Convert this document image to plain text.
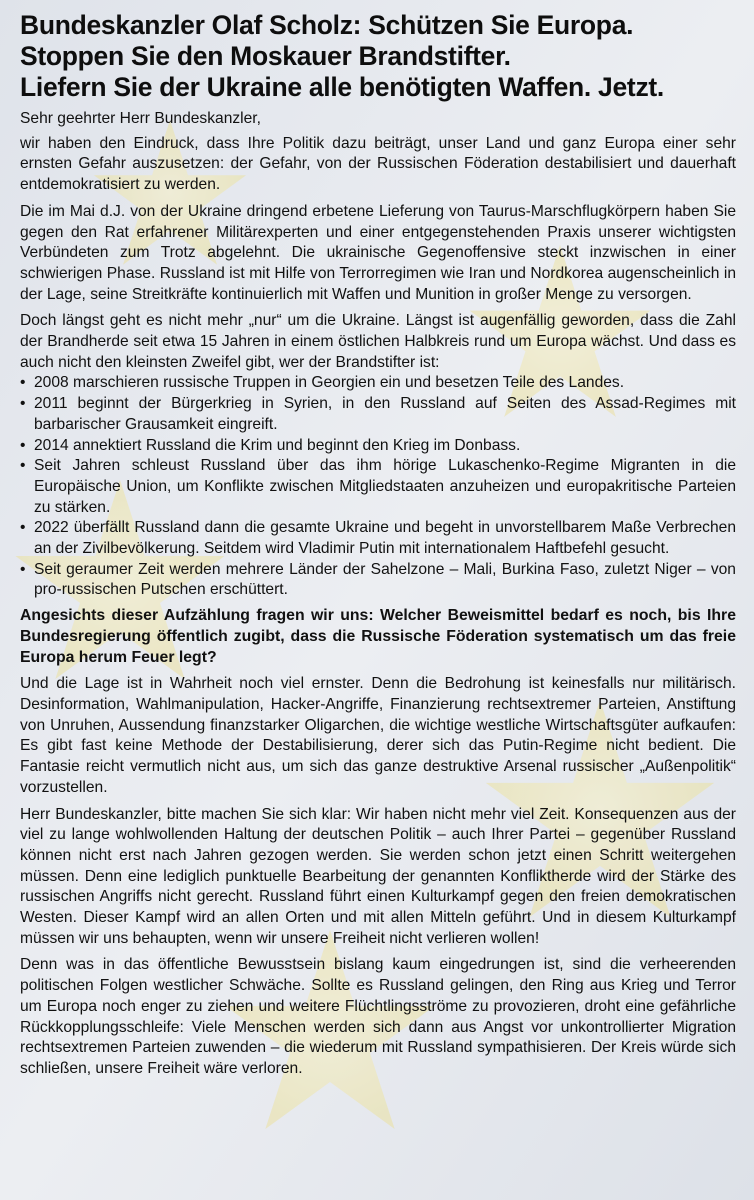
Bundeskanzler Olaf Scholz: Schützen Sie Europa.
Stoppen Sie den Moskauer Brandstifter.
Liefern Sie der Ukraine alle benötigten Waffen. Jetzt.

Sehr geehrter Herr Bundeskanzler,

wir haben den Eindruck, dass Ihre Politik dazu beiträgt, unser Land und ganz Europa einer sehr ernsten Gefahr auszusetzen: der Gefahr, von der Russischen Föderation destabilisiert und dauerhaft entdemokratisiert zu werden.

Die im Mai d.J. von der Ukraine dringend erbetene Lieferung von Taurus-Marschflugkörpern haben Sie gegen den Rat erfahrener Militärexperten und einer entgegenstehenden Praxis unserer wichtigsten Verbündeten zum Trotz abgelehnt. Die ukrainische Gegenoffensive steckt inzwischen in einer schwierigen Phase. Russland ist mit Hilfe von Terrorregimen wie Iran und Nordkorea augenscheinlich in der Lage, seine Streitkräfte kontinuierlich mit Waffen und Munition in großer Menge zu versorgen.

Doch längst geht es nicht mehr „nur“ um die Ukraine. Längst ist augenfällig geworden, dass die Zahl der Brandherde seit etwa 15 Jahren in einem östlichen Halbkreis rund um Europa wächst. Und dass es auch nicht den kleinsten Zweifel gibt, wer der Brandstifter ist:

• 2008 marschieren russische Truppen in Georgien ein und besetzen Teile des Landes.
• 2011 beginnt der Bürgerkrieg in Syrien, in den Russland auf Seiten des Assad-Regimes mit barbarischer Grausamkeit eingreift.
• 2014 annektiert Russland die Krim und beginnt den Krieg im Donbass.
• Seit Jahren schleust Russland über das ihm hörige Lukaschenko-Regime Migranten in die Europäische Union, um Konflikte zwischen Mitgliedstaaten anzuheizen und europakritische Parteien zu stärken.
• 2022 überfällt Russland dann die gesamte Ukraine und begeht in unvorstellbarem Maße Verbrechen an der Zivilbevölkerung. Seitdem wird Vladimir Putin mit internationalem Haftbefehl gesucht.
• Seit geraumer Zeit werden mehrere Länder der Sahelzone – Mali, Burkina Faso, zuletzt Niger – von pro-russischen Putschen erschüttert.

Angesichts dieser Aufzählung fragen wir uns: Welcher Beweismittel bedarf es noch, bis Ihre Bundesregierung öffentlich zugibt, dass die Russische Föderation systematisch um das freie Europa herum Feuer legt?

Und die Lage ist in Wahrheit noch viel ernster. Denn die Bedrohung ist keinesfalls nur militärisch. Desinformation, Wahlmanipulation, Hacker-Angriffe, Finanzierung rechtsextremer Parteien, Anstiftung von Unruhen, Aussendung finanzstarker Oligarchen, die wichtige westliche Wirtschaftsgüter aufkaufen: Es gibt fast keine Methode der Destabilisierung, derer sich das Putin-Regime nicht bedient. Die Fantasie reicht vermutlich nicht aus, um sich das ganze destruktive Arsenal russischer „Außenpolitik“ vorzustellen.

Herr Bundeskanzler, bitte machen Sie sich klar: Wir haben nicht mehr viel Zeit. Konsequenzen aus der viel zu lange wohlwollenden Haltung der deutschen Politik – auch Ihrer Partei – gegenüber Russland können nicht erst nach Jahren gezogen werden. Sie werden schon jetzt einen Schritt weitergehen müssen. Denn eine lediglich punktuelle Bearbeitung der genannten Konfliktherde wird der Stärke des russischen Angriffs nicht gerecht. Russland führt einen Kulturkampf gegen den freien demokratischen Westen. Dieser Kampf wird an allen Orten und mit allen Mitteln geführt. Und in diesem Kulturkampf müssen wir uns behaupten, wenn wir unsere Freiheit nicht verlieren wollen!

Denn was in das öffentliche Bewusstsein bislang kaum eingedrungen ist, sind die verheerenden politischen Folgen westlicher Schwäche. Sollte es Russland gelingen, den Ring aus Krieg und Terror um Europa noch enger zu ziehen und weitere Flüchtlingsströme zu provozieren, droht eine gefährliche Rückkopplungsschleife: Viele Menschen werden sich dann aus Angst vor unkontrollierter Migration rechtsextremen Parteien zuwenden – die wiederum mit Russland sympathisieren. Der Kreis würde sich schließen, unsere Freiheit wäre verloren.
